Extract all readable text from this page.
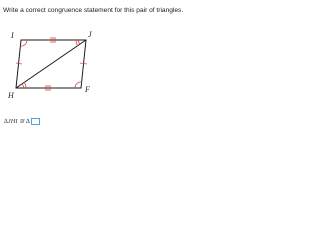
Write a correct congruence statement for this pair of triangles.
I	J
H
F
∆JHI ≅ ∆
